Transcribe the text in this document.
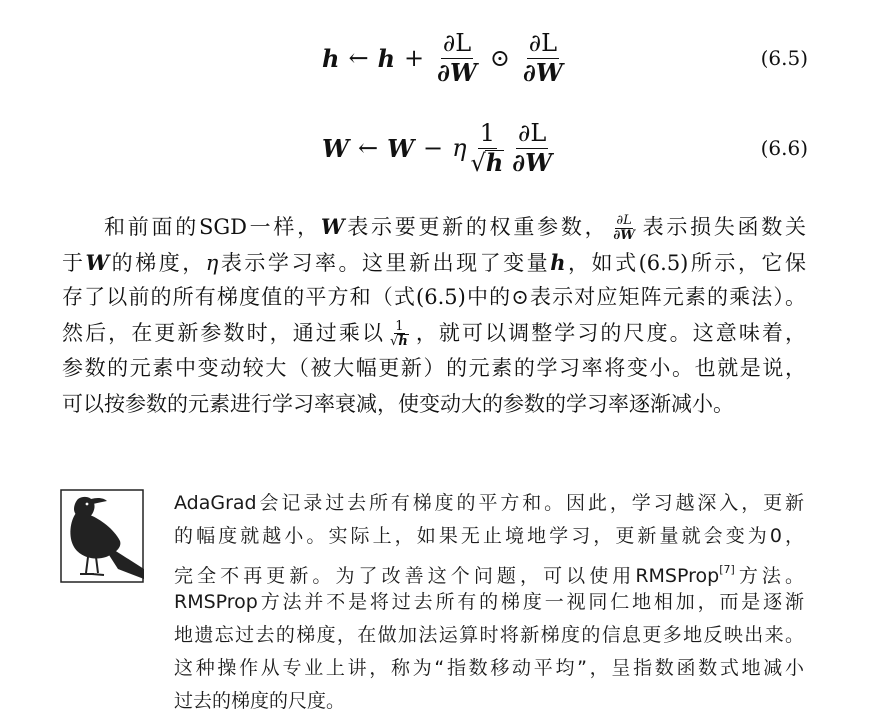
h ← $h + \frac{\partial L}{\partial W}$ ⊙ $\frac{\partial L}{\partial W}$	(6.5)
W ← W − η $\frac{1}{√ h} \frac{\partial L}{\partial W}$	(6.6)

和前面的SGD一样，W表示要更新的权重参数， $\frac{\partial L}{\partial W}$ 表示损失函数关
于W的梯度，η表示学习率。这里新出现了变量h，如式(6.5)所示，它保
存了以前的所有梯度值的平方和（式(6.5)中的⊙表示对应矩阵元素的乘法）。
然后，在更新参数时，通过乘以 $\frac{1}{√ h}$ ，就可以调整学习的尺度。这意味着，
参数的元素中变动较大（被大幅更新）的元素的学习率将变小。也就是说，
可以按参数的元素进行学习率衰减，使变动大的参数的学习率逐渐减小。

AdaGrad会记录过去所有梯度的平方和。因此，学习越深入，更新
的幅度就越小。实际上，如果无止境地学习，更新量就会变为0，
完全不再更新。为了改善这个问题，可以使用RMSProp[7]方法。
RMSProp方法并不是将过去所有的梯度一视同仁地相加，而是逐渐
地遗忘过去的梯度，在做加法运算时将新梯度的信息更多地反映出来。
这种操作从专业上讲，称为“指数移动平均”，呈指数函数式地减小
过去的梯度的尺度。
